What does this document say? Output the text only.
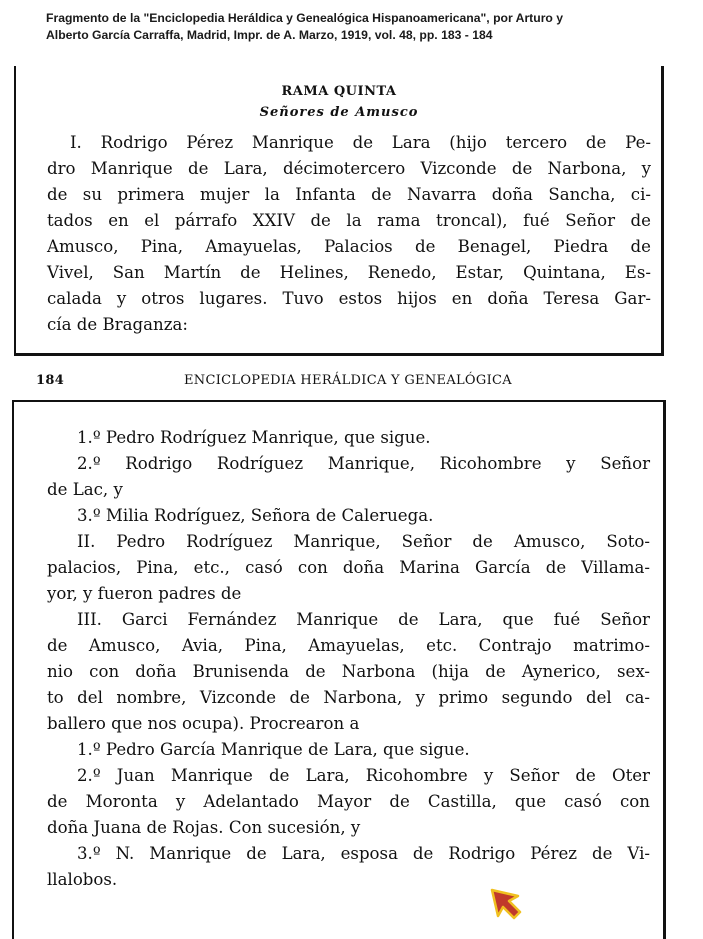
Fragmento de la "Enciclopedia Heráldica y Genealógica Hispanoamericana", por Arturo y
Alberto García Carraffa, Madrid, Impr. de A. Marzo, 1919, vol. 48, pp. 183 - 184
RAMA QUINTA
Señores de Amusco
I. Rodrigo Pérez Manrique de Lara (hijo tercero de Pe-
dro Manrique de Lara, décimotercero Vizconde de Narbona, y
de su primera mujer la Infanta de Navarra doña Sancha, ci-
tados en el párrafo XXIV de la rama troncal), fué Señor de
Amusco, Pina, Amayuelas, Palacios de Benagel, Piedra de
Vivel, San Martín de Helines, Renedo, Estar, Quintana, Es-
calada y otros lugares. Tuvo estos hijos en doña Teresa Gar-
cía de Braganza:
184	ENCICLOPEDIA HERÁLDICA Y GENEALÓGICA
1.º Pedro Rodríguez Manrique, que sigue.
2.º Rodrigo Rodríguez Manrique, Ricohombre y Señor
de Lac, y
3.º Milia Rodríguez, Señora de Caleruega.
II. Pedro Rodríguez Manrique, Señor de Amusco, Soto-
palacios, Pina, etc., casó con doña Marina García de Villama-
yor, y fueron padres de
III. Garci Fernández Manrique de Lara, que fué Señor
de Amusco, Avia, Pina, Amayuelas, etc. Contrajo matrimo-
nio con doña Brunisenda de Narbona (hija de Aynerico, sex-
to del nombre, Vizconde de Narbona, y primo segundo del ca-
ballero que nos ocupa). Procrearon a
1.º Pedro García Manrique de Lara, que sigue.
2.º Juan Manrique de Lara, Ricohombre y Señor de Oter
de Moronta y Adelantado Mayor de Castilla, que casó con
doña Juana de Rojas. Con sucesión, y
3.º N. Manrique de Lara, esposa de Rodrigo Pérez de Vi-
llalobos.
